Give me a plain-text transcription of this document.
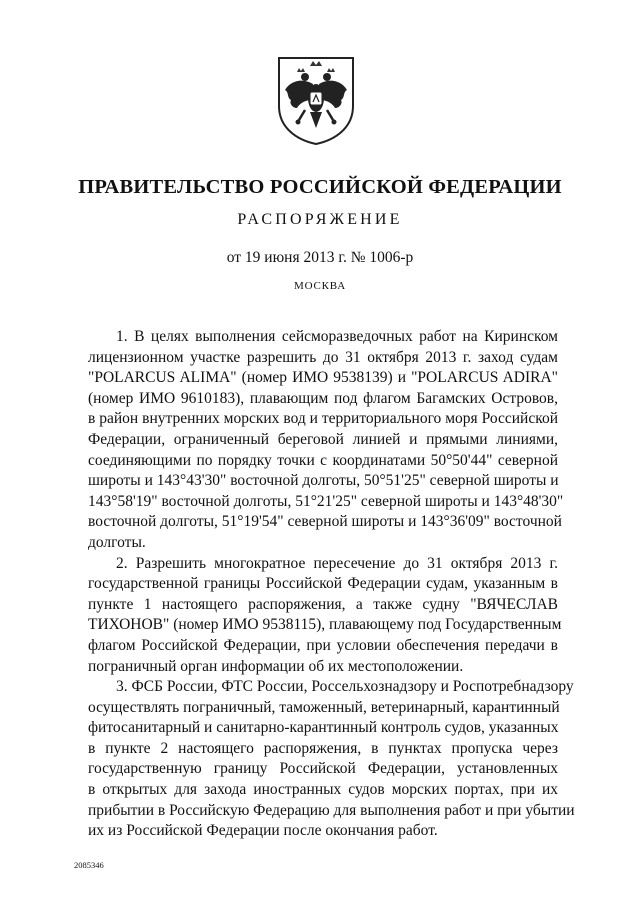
ПРАВИТЕЛЬСТВО РОССИЙСКОЙ ФЕДЕРАЦИИ
РАСПОРЯЖЕНИЕ
от 19 июня 2013 г. № 1006-р
МОСКВА
1. В целях выполнения сейсморазведочных работ на Киринском
лицензионном участке разрешить до 31 октября 2013 г. заход судам
"POLARCUS ALIMA" (номер ИМО 9538139) и "POLARCUS ADIRA"
(номер ИМО 9610183), плавающим под флагом Багамских Островов,
в район внутренних морских вод и территориального моря Российской
Федерации, ограниченный береговой линией и прямыми линиями,
соединяющими по порядку точки с координатами 50°50'44" северной
широты и 143°43'30" восточной долготы, 50°51'25" северной широты и
143°58'19" восточной долготы, 51°21'25" северной широты и 143°48'30"
восточной долготы, 51°19'54" северной широты и 143°36'09" восточной
долготы.
2. Разрешить многократное пересечение до 31 октября 2013 г.
государственной границы Российской Федерации судам, указанным в
пункте 1 настоящего распоряжения, а также судну "ВЯЧЕСЛАВ
ТИХОНОВ" (номер ИМО 9538115), плавающему под Государственным
флагом Российской Федерации, при условии обеспечения передачи в
пограничный орган информации об их местоположении.
3. ФСБ России, ФТС России, Россельхознадзору и Роспотребнадзору
осуществлять пограничный, таможенный, ветеринарный, карантинный
фитосанитарный и санитарно-карантинный контроль судов, указанных
в пункте 2 настоящего распоряжения, в пунктах пропуска через
государственную границу Российской Федерации, установленных
в открытых для захода иностранных судов морских портах, при их
прибытии в Российскую Федерацию для выполнения работ и при убытии
их из Российской Федерации после окончания работ.
2085346
